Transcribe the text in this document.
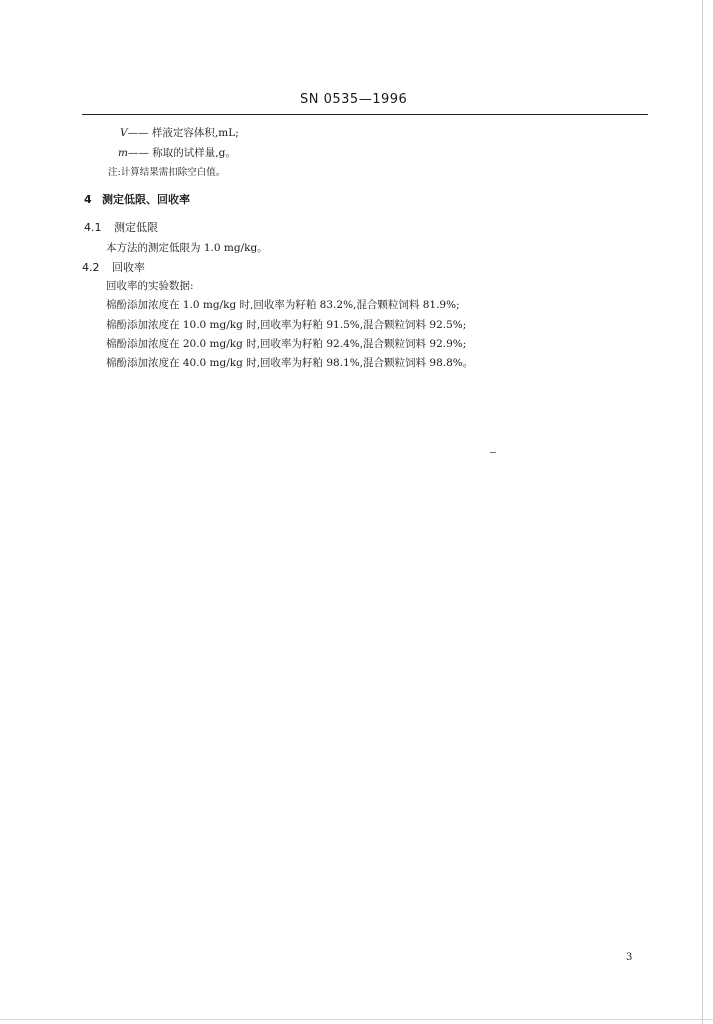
SN 0535—1996
V—— 样液定容体积,mL;
m—— 称取的试样量,g。
注:计算结果需扣除空白值。
4 测定低限、回收率
4.1 测定低限
本方法的测定低限为 1.0 mg/kg。
4.2 回收率
回收率的实验数据:
棉酚添加浓度在 1.0 mg/kg 时,回收率为籽粕 83.2%,混合颗粒饲料 81.9%;
棉酚添加浓度在 10.0 mg/kg 时,回收率为籽粕 91.5%,混合颗粒饲料 92.5%;
棉酚添加浓度在 20.0 mg/kg 时,回收率为籽粕 92.4%,混合颗粒饲料 92.9%;
棉酚添加浓度在 40.0 mg/kg 时,回收率为籽粕 98.1%,混合颗粒饲料 98.8%。
3
